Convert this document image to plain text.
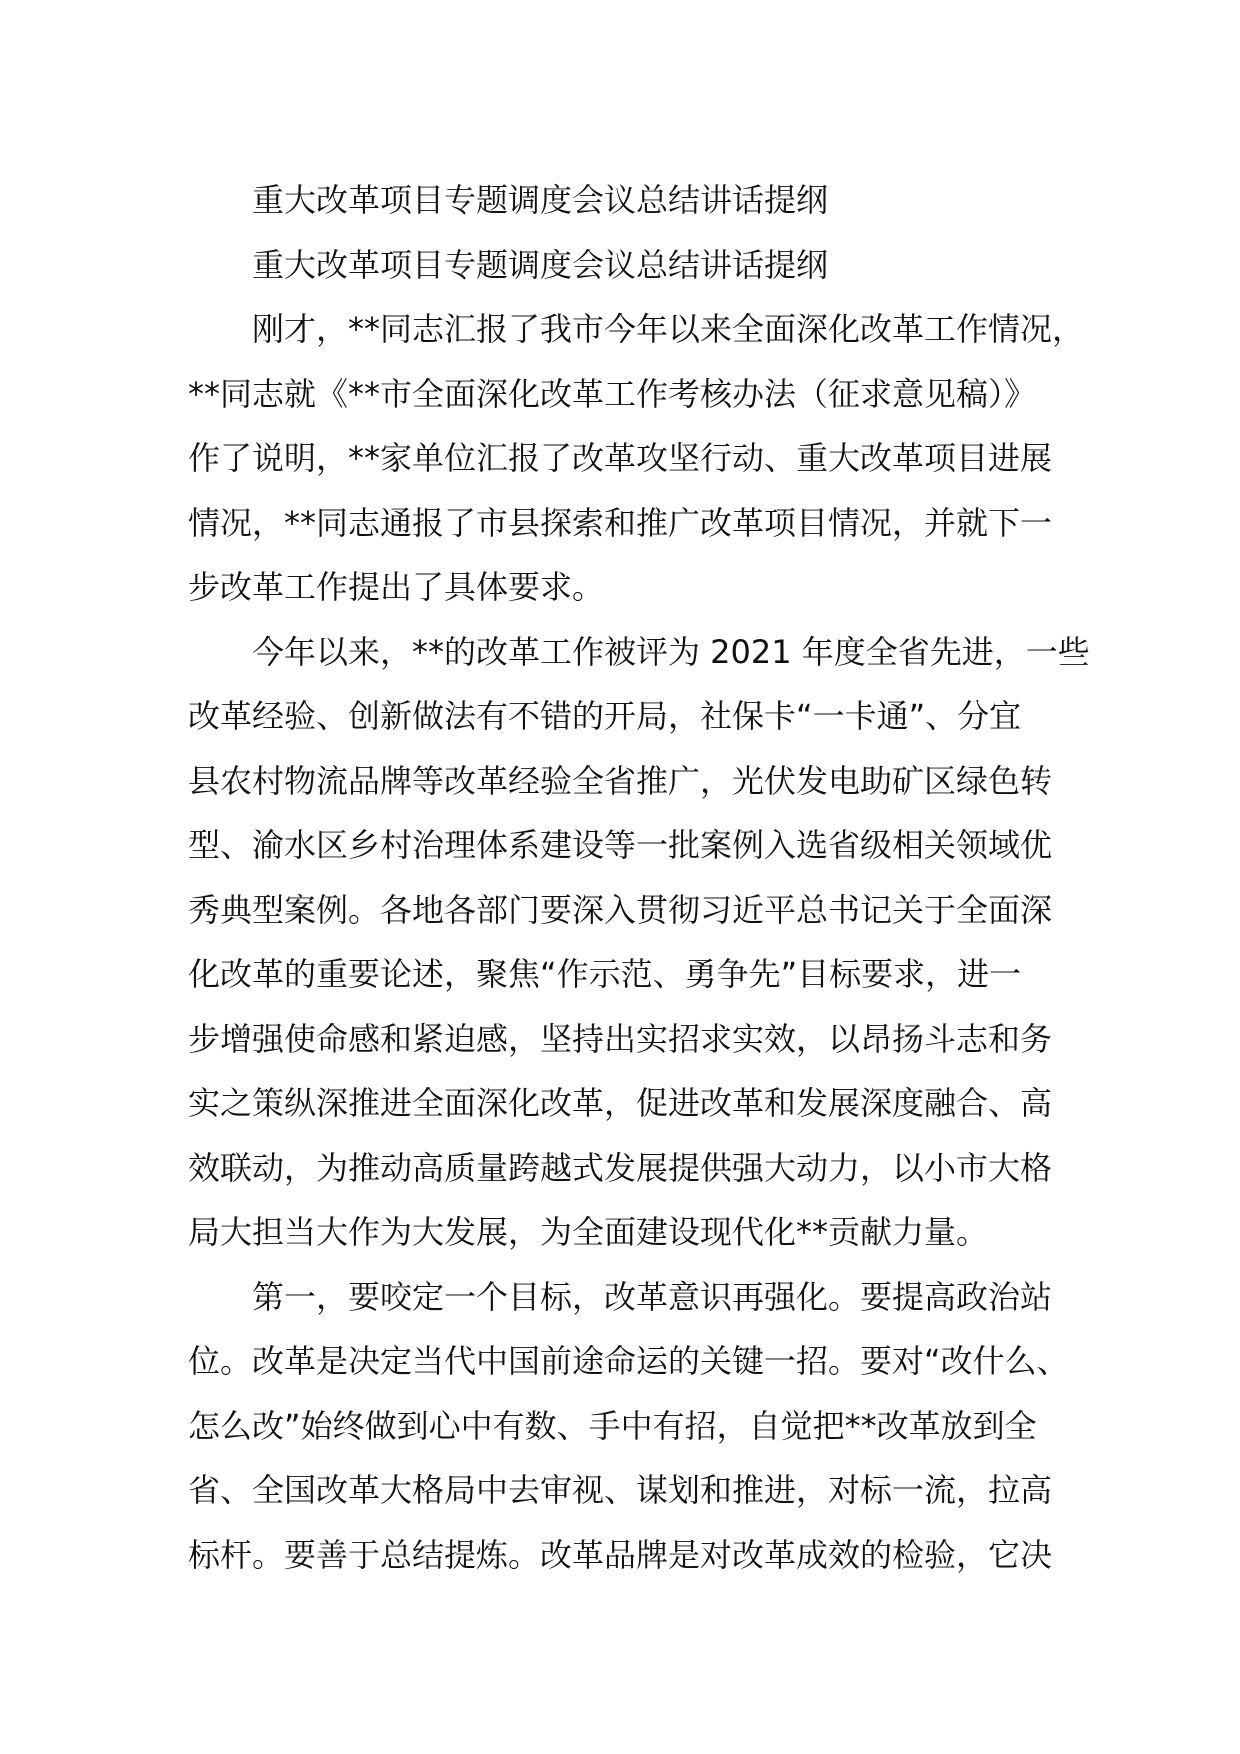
重大改革项目专题调度会议总结讲话提纲

重大改革项目专题调度会议总结讲话提纲

刚才，**同志汇报了我市今年以来全面深化改革工作情况，

**同志就《**市全面深化改革工作考核办法（征求意见稿）》

作了说明，**家单位汇报了改革攻坚行动、重大改革项目进展

情况，**同志通报了市县探索和推广改革项目情况，并就下一

步改革工作提出了具体要求。

今年以来，**的改革工作被评为 2021 年度全省先进，一些

改革经验、创新做法有不错的开局，社保卡“一卡通”、分宜

县农村物流品牌等改革经验全省推广，光伏发电助矿区绿色转

型、渝水区乡村治理体系建设等一批案例入选省级相关领域优

秀典型案例。各地各部门要深入贯彻习近平总书记关于全面深

化改革的重要论述，聚焦“作示范、勇争先”目标要求，进一

步增强使命感和紧迫感，坚持出实招求实效，以昂扬斗志和务

实之策纵深推进全面深化改革，促进改革和发展深度融合、高

效联动，为推动高质量跨越式发展提供强大动力，以小市大格

局大担当大作为大发展，为全面建设现代化**贡献力量。

第一，要咬定一个目标，改革意识再强化。要提高政治站

位。改革是决定当代中国前途命运的关键一招。要对“改什么、

怎么改”始终做到心中有数、手中有招，自觉把**改革放到全

省、全国改革大格局中去审视、谋划和推进，对标一流，拉高

标杆。要善于总结提炼。改革品牌是对改革成效的检验，它决
